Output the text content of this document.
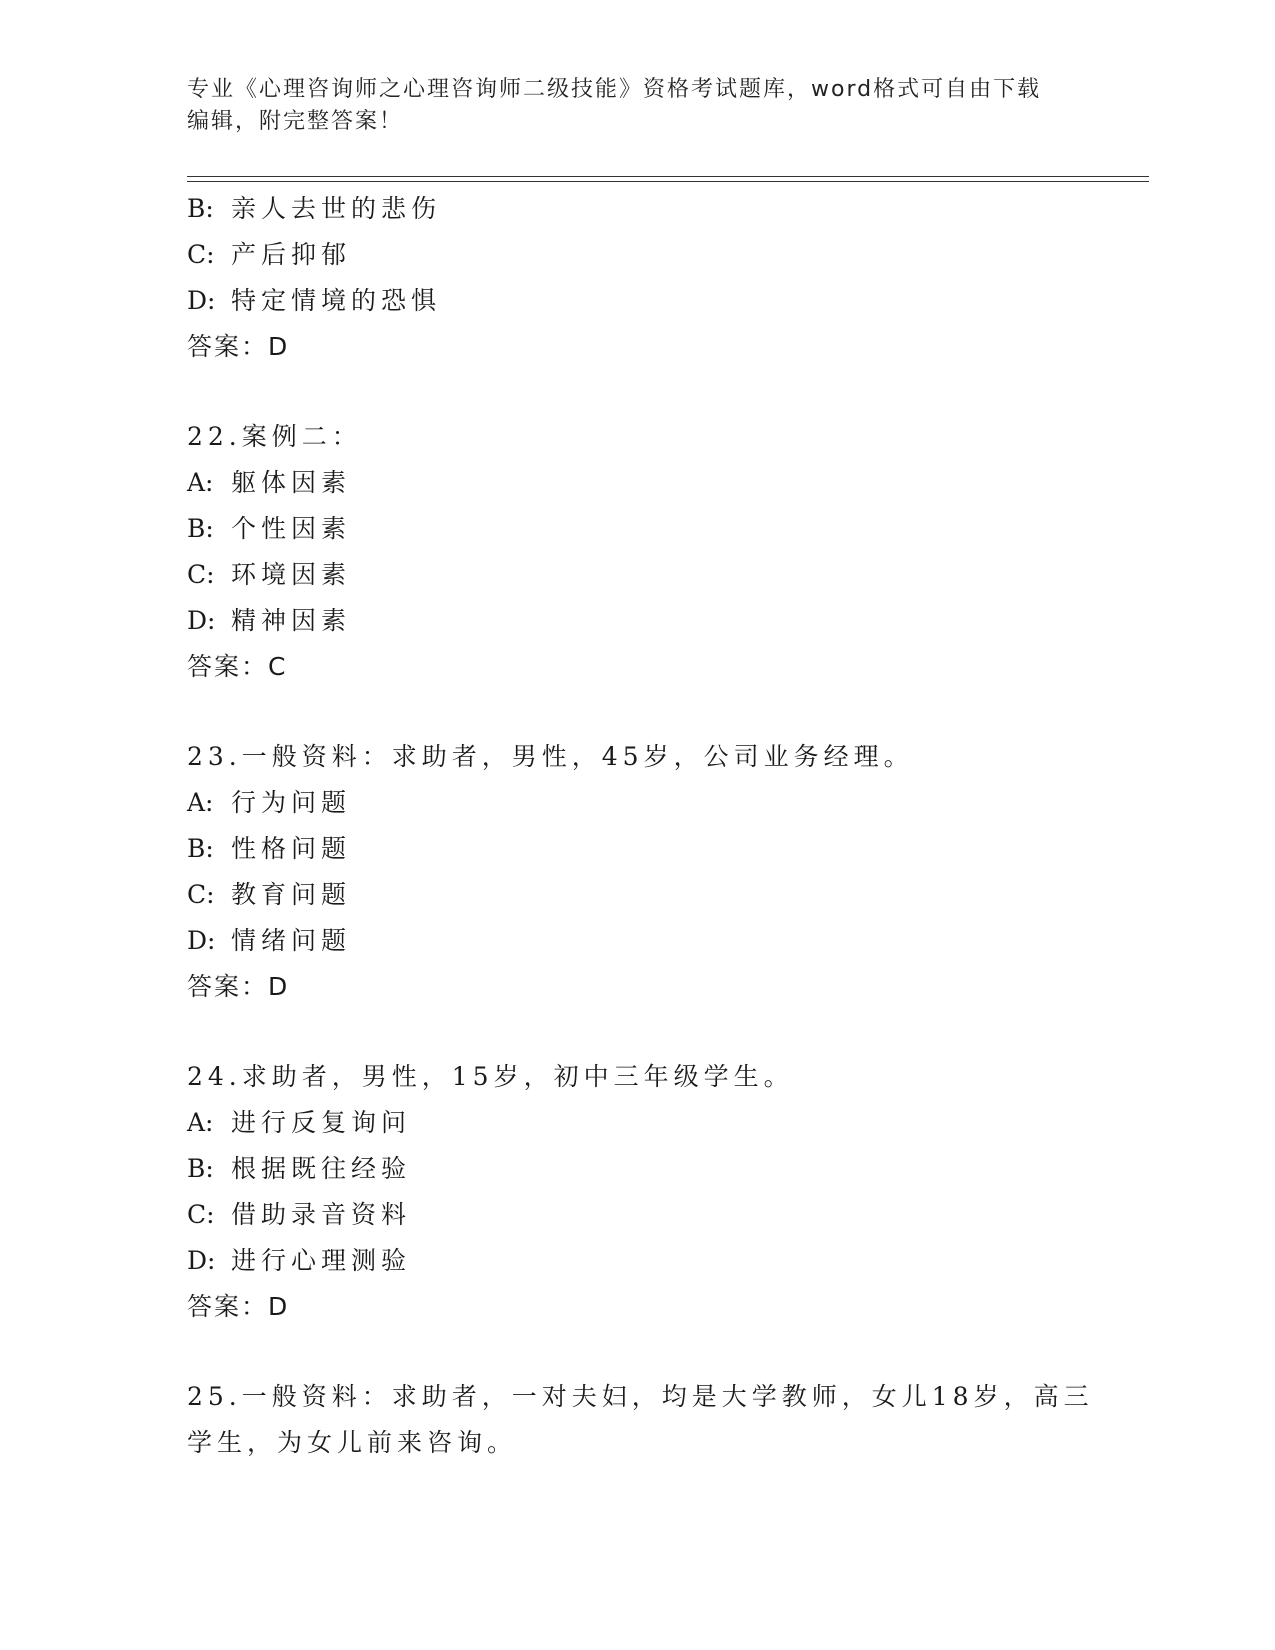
专业《心理咨询师之心理咨询师二级技能》资格考试题库，word格式可自由下载
编辑，附完整答案！
B: 亲人去世的悲伤
C: 产后抑郁
D: 特定情境的恐惧
答案：D
22.案例二：
A: 躯体因素
B: 个性因素
C: 环境因素
D: 精神因素
答案：C
23.一般资料：求助者，男性，45岁，公司业务经理。
A: 行为问题
B: 性格问题
C: 教育问题
D: 情绪问题
答案：D
24.求助者，男性，15岁，初中三年级学生。
A: 进行反复询问
B: 根据既往经验
C: 借助录音资料
D: 进行心理测验
答案：D
25.一般资料：求助者，一对夫妇，均是大学教师，女儿18岁，高三
学生，为女儿前来咨询。
